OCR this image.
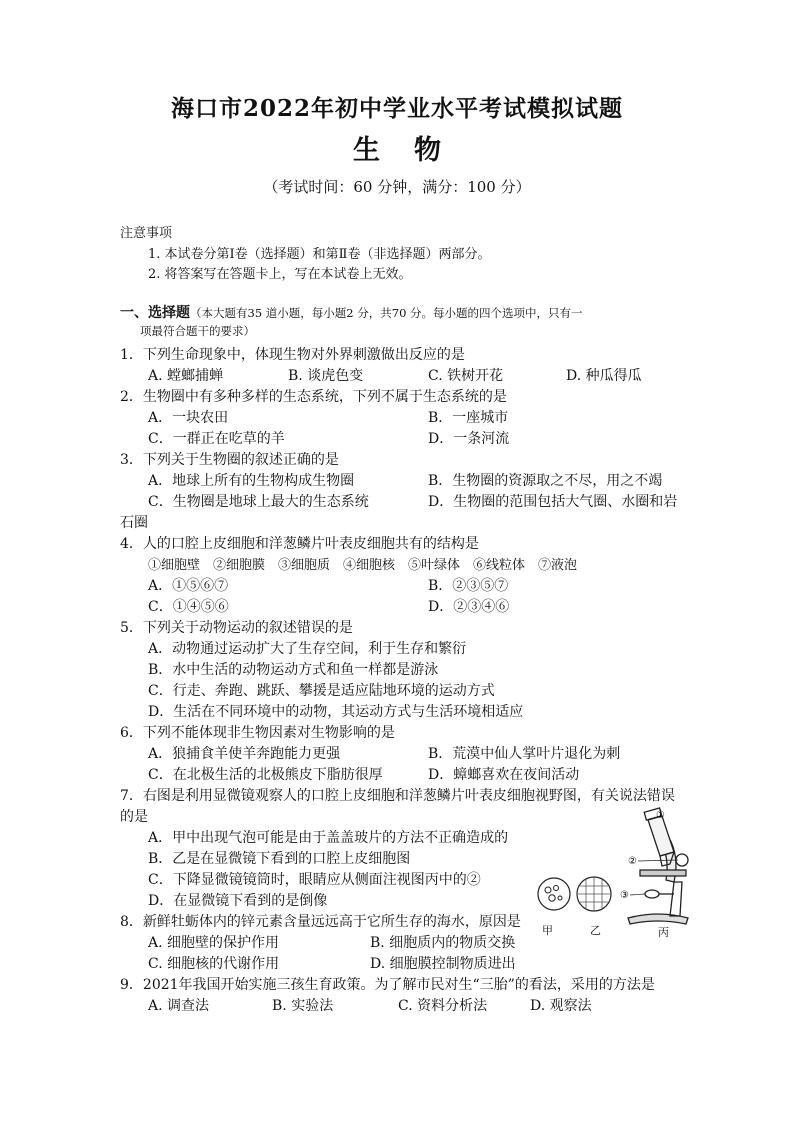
海口市2022年初中学业水平考试模拟试题
生物
（考试时间：60 分钟，满分：100 分）
注意事项
1. 本试卷分第Ⅰ卷（选择题）和第Ⅱ卷（非选择题）两部分。
2. 将答案写在答题卡上，写在本试卷上无效。
一、选择题（本大题有35 道小题，每小题2 分，共70 分。每小题的四个选项中，只有一
项最符合题干的要求）
1．下列生命现象中，体现生物对外界刺激做出反应的是
A. 螳螂捕蝉	B. 谈虎色变	C. 铁树开花	D. 种瓜得瓜
2．生物圈中有多种多样的生态系统，下列不属于生态系统的是
A．一块农田	B．一座城市
C．一群正在吃草的羊	D．一条河流
3．下列关于生物圈的叙述正确的是
A．地球上所有的生物构成生物圈	B．生物圈的资源取之不尽，用之不竭
C．生物圈是地球上最大的生态系统	D．生物圈的范围包括大气圈、水圈和岩
石圈
4．人的口腔上皮细胞和洋葱鳞片叶表皮细胞共有的结构是
①细胞壁　②细胞膜　③细胞质　④细胞核　⑤叶绿体　⑥线粒体　⑦液泡
A．①⑤⑥⑦	B．②③⑤⑦
C．①④⑤⑥	D．②③④⑥
5．下列关于动物运动的叙述错误的是
A．动物通过运动扩大了生存空间，利于生存和繁衍
B．水中生活的动物运动方式和鱼一样都是游泳
C．行走、奔跑、跳跃、攀援是适应陆地环境的运动方式
D．生活在不同环境中的动物，其运动方式与生活环境相适应
6．下列不能体现非生物因素对生物影响的是
A．狼捕食羊使羊奔跑能力更强	B．荒漠中仙人掌叶片退化为刺
C．在北极生活的北极熊皮下脂肪很厚	D．蟑螂喜欢在夜间活动
7．右图是利用显微镜观察人的口腔上皮细胞和洋葱鳞片叶表皮细胞视野图，有关说法错误
的是
A．甲中出现气泡可能是由于盖盖玻片的方法不正确造成的
B．乙是在显微镜下看到的口腔上皮细胞图
C．下降显微镜镜筒时，眼睛应从侧面注视图丙中的②
D．在显微镜下看到的是倒像
8．新鲜牡蛎体内的锌元素含量远远高于它所生存的海水，原因是
A. 细胞壁的保护作用	B. 细胞质内的物质交换
C. 细胞核的代谢作用	D. 细胞膜控制物质进出
9．2021年我国开始实施三孩生育政策。为了解市民对生“三胎”的看法，采用的方法是
A. 调查法	B. 实验法	C. 资料分析法	D. 观察法
①
②
③
甲	乙	丙
